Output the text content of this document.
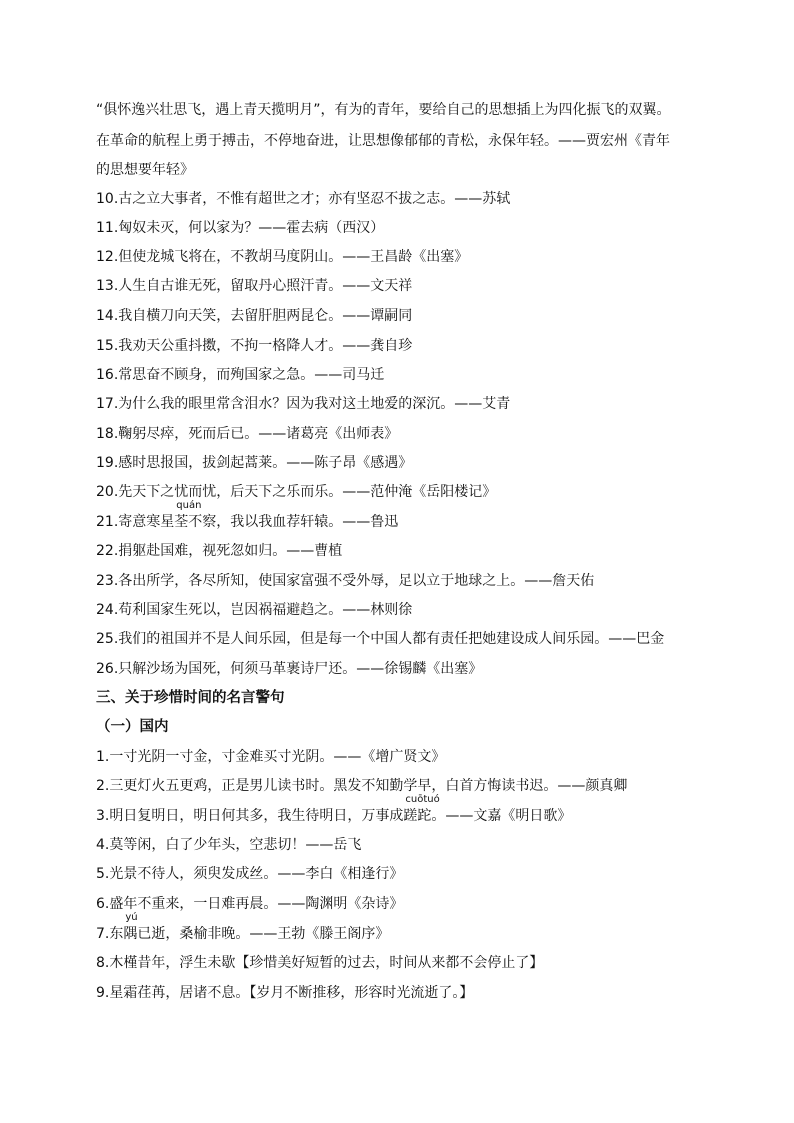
“俱怀逸兴壮思飞，遇上青天揽明月”，有为的青年，要给自己的思想插上为四化振飞的双翼。
在革命的航程上勇于搏击，不停地奋进，让思想像郁郁的青松，永保年轻。——贾宏州《青年
的思想要年轻》
10.古之立大事者，不惟有超世之才；亦有坚忍不拔之志。——苏轼
11.匈奴未灭，何以家为？——霍去病（西汉）
12.但使龙城飞将在，不教胡马度阴山。——王昌龄《出塞》
13.人生自古谁无死，留取丹心照汗青。——文天祥
14.我自横刀向天笑，去留肝胆两昆仑。——谭嗣同
15.我劝天公重抖擞，不拘一格降人才。——龚自珍
16.常思奋不顾身，而殉国家之急。——司马迁
17.为什么我的眼里常含泪水？因为我对这土地爱的深沉。——艾青
18.鞠躬尽瘁，死而后已。——诸葛亮《出师表》
19.感时思报国，拔剑起蒿莱。——陈子昂《感遇》
20.先天下之忧而忧，后天下之乐而乐。——范仲淹《岳阳楼记》
21.寄意寒星
quán
荃不察，我以我血荐轩辕。——鲁迅
22.捐躯赴国难，视死忽如归。——曹植
23.各出所学，各尽所知，使国家富强不受外辱，足以立于地球之上。——詹天佑
24.苟利国家生死以，岂因祸福避趋之。——林则徐
25.我们的祖国并不是人间乐园，但是每一个中国人都有责任把她建设成人间乐园。——巴金
26.只解沙场为国死，何须马革裹诗尸还。——徐锡麟《出塞》
三、关于珍惜时间的名言警句
（一）国内
1.一寸光阴一寸金，寸金难买寸光阴。——《增广贤文》
2.三更灯火五更鸡，正是男儿读书时。黑发不知勤学早，白首方悔读书迟。——颜真卿
3.明日复明日，明日何其多，我生待明日，万事成
cuōtuó
蹉跎。——文嘉《明日歌》
4.莫等闲，白了少年头，空悲切！——岳飞
5.光景不待人，须臾发成丝。——李白《相逢行》
6.盛年不重来，一日难再晨。——陶渊明《杂诗》
7.东
yú
隅已逝，桑榆非晚。——王勃《滕王阁序》
8.木槿昔年，浮生未歇【珍惜美好短暂的过去，时间从来都不会停止了】
9.星霜荏苒，居诸不息。【岁月不断推移，形容时光流逝了。】
